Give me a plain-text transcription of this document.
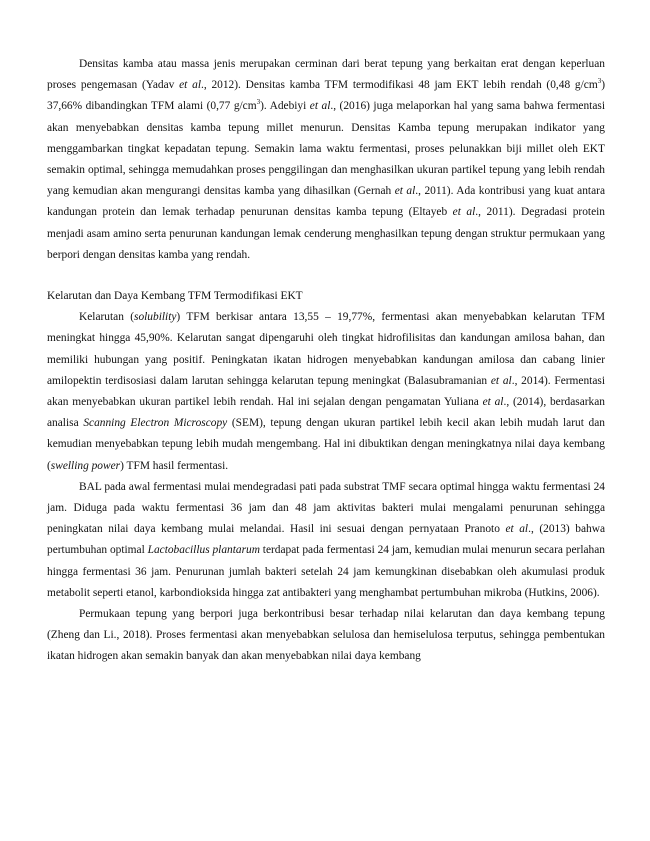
Densitas kamba atau massa jenis merupakan cerminan dari berat tepung yang berkaitan erat dengan keperluan proses pengemasan (Yadav et al., 2012). Densitas kamba TFM termodifikasi 48 jam EKT lebih rendah (0,48 $g/cm^3$) 37,66% dibandingkan TFM alami (0,77 $g/cm^3$). Adebiyi et al., (2016) juga melaporkan hal yang sama bahwa fermentasi akan menyebabkan densitas kamba tepung millet menurun. Densitas Kamba tepung merupakan indikator yang menggambarkan tingkat kepadatan tepung. Semakin lama waktu fermentasi, proses pelunakkan biji millet oleh EKT semakin optimal, sehingga memudahkan proses penggilingan dan menghasilkan ukuran partikel tepung yang lebih rendah yang kemudian akan mengurangi densitas kamba yang dihasilkan (Gernah et al., 2011). Ada kontribusi yang kuat antara kandungan protein dan lemak terhadap penurunan densitas kamba tepung (Eltayeb et al., 2011). Degradasi protein menjadi asam amino serta penurunan kandungan lemak cenderung menghasilkan tepung dengan struktur permukaan yang berpori dengan densitas kamba yang rendah.

Kelarutan dan Daya Kembang TFM Termodifikasi EKT

Kelarutan (solubility) TFM berkisar antara 13,55 – 19,77%, fermentasi akan menyebabkan kelarutan TFM meningkat hingga 45,90%. Kelarutan sangat dipengaruhi oleh tingkat hidrofilisitas dan kandungan amilosa bahan, dan memiliki hubungan yang positif. Peningkatan ikatan hidrogen menyebabkan kandungan amilosa dan cabang linier amilopektin terdisosiasi dalam larutan sehingga kelarutan tepung meningkat (Balasubramanian et al., 2014). Fermentasi akan menyebabkan ukuran partikel lebih rendah. Hal ini sejalan dengan pengamatan Yuliana et al., (2014), berdasarkan analisa Scanning Electron Microscopy (SEM), tepung dengan ukuran partikel lebih kecil akan lebih mudah larut dan kemudian menyebabkan tepung lebih mudah mengembang. Hal ini dibuktikan dengan meningkatnya nilai daya kembang (swelling power) TFM hasil fermentasi.

BAL pada awal fermentasi mulai mendegradasi pati pada substrat TMF secara optimal hingga waktu fermentasi 24 jam. Diduga pada waktu fermentasi 36 jam dan 48 jam aktivitas bakteri mulai mengalami penurunan sehingga peningkatan nilai daya kembang mulai melandai. Hasil ini sesuai dengan pernyataan Pranoto et al., (2013) bahwa pertumbuhan optimal Lactobacillus plantarum terdapat pada fermentasi 24 jam, kemudian mulai menurun secara perlahan hingga fermentasi 36 jam. Penurunan jumlah bakteri setelah 24 jam kemungkinan disebabkan oleh akumulasi produk metabolit seperti etanol, karbondioksida hingga zat antibakteri yang menghambat pertumbuhan mikroba (Hutkins, 2006).

Permukaan tepung yang berpori juga berkontribusi besar terhadap nilai kelarutan dan daya kembang tepung (Zheng dan Li., 2018). Proses fermentasi akan menyebabkan selulosa dan hemiselulosa terputus, sehingga pembentukan ikatan hidrogen akan semakin banyak dan akan menyebabkan nilai daya kembang
